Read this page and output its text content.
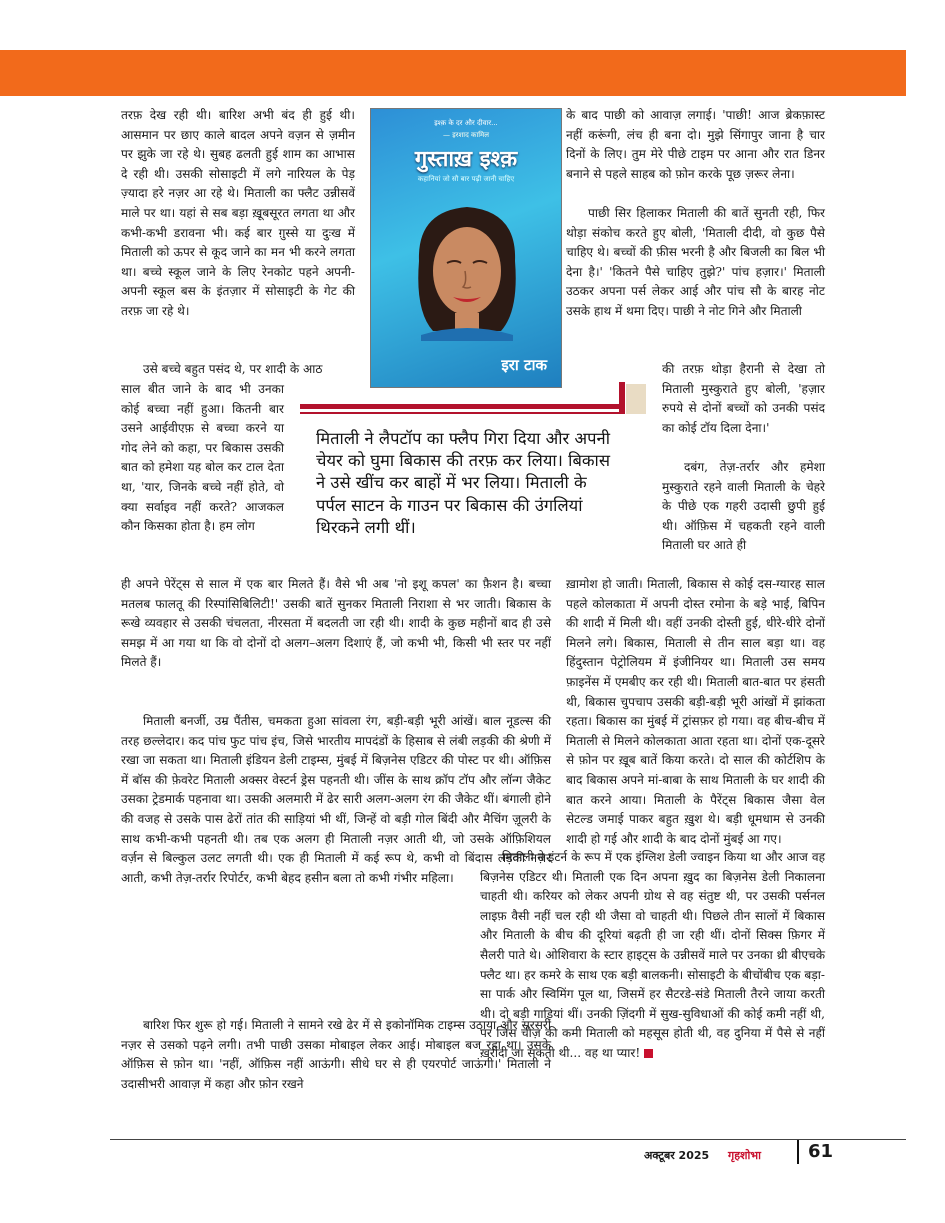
तरफ़ देख रही थी। बारिश अभी बंद ही हुई थी। आसमान पर छाए काले बादल अपने वज़न से ज़मीन पर झुके जा रहे थे। सुबह ढलती हुई शाम का आभास दे रही थी। उसकी सोसाइटी में लगे नारियल के पेड़ ज़्यादा हरे नज़र आ रहे थे। मिताली का फ्लैट उन्नीसवें माले पर था। यहां से सब बड़ा ख़ूबसूरत लगता था और कभी-कभी डरावना भी। कई बार ग़ुस्से या दुःख में मिताली को ऊपर से कूद जाने का मन भी करने लगता था। बच्चे स्कूल जाने के लिए रेनकोट पहने अपनी-अपनी स्कूल बस के इंतज़ार में सोसाइटी के गेट की तरफ़ जा रहे थे।

उसे बच्चे बहुत पसंद थे, पर शादी के आठ

साल बीत जाने के बाद भी उनका कोई बच्चा नहीं हुआ। कितनी बार उसने आईवीएफ़ से बच्चा करने या गोद लेने को कहा, पर बिकास उसकी बात को हमेशा यह बोल कर टाल देता था, 'यार, जिनके बच्चे नहीं होते, वो क्या सर्वाइव नहीं करते? आजकल कौन किसका होता है। हम लोग

इश्क़ के दर और दीवार...
— इरशाद कामिल
गुस्ताख़ इश्क़
कहानियां जो सौ बार पढ़ी जानी चाहिए
इरा टाक

के बाद पाछी को आवाज़ लगाई। 'पाछी! आज ब्रेकफ़ास्ट नहीं करूंगी, लंच ही बना दो। मुझे सिंगापुर जाना है चार दिनों के लिए। तुम मेरे पीछे टाइम पर आना और रात डिनर बनाने से पहले साहब को फ़ोन करके पूछ ज़रूर लेना।

पाछी सिर हिलाकर मिताली की बातें सुनती रही, फिर थोड़ा संकोच करते हुए बोली, 'मिताली दीदी, वो कुछ पैसे चाहिए थे। बच्चों की फ़ीस भरनी है और बिजली का बिल भी देना है।' 'कितने पैसे चाहिए तुझे?' पांच हज़ार।' मिताली उठकर अपना पर्स लेकर आई और पांच सौ के बारह नोट उसके हाथ में थमा दिए। पाछी ने नोट गिने और मिताली

की तरफ़ थोड़ा हैरानी से देखा तो मिताली मुस्कुराते हुए बोली, 'हज़ार रुपये से दोनों बच्चों को उनकी पसंद का कोई टॉय दिला देना।'

दबंग, तेज़-तर्रार और हमेशा मुस्कुराते रहने वाली मिताली के चेहरे के पीछे एक गहरी उदासी छुपी हुई थी। ऑफ़िस में चहकती रहने वाली मिताली घर आते ही

मिताली ने लैपटॉप का फ्लैप गिरा दिया और अपनी चेयर को घुमा बिकास की तरफ़ कर लिया। बिकास ने उसे खींच कर बाहों में भर लिया। मिताली के पर्पल साटन के गाउन पर बिकास की उंगलियां थिरकने लगी थीं।

ही अपने पेरेंट्स से साल में एक बार मिलते हैं। वैसे भी अब 'नो इशू कपल' का फ़ैशन है। बच्चा मतलब फालतू की रिस्पांसिबिलिटी!' उसकी बातें सुनकर मिताली निराशा से भर जाती। बिकास के रूखे व्यवहार से उसकी चंचलता, नीरसता में बदलती जा रही थी। शादी के कुछ महीनों बाद ही उसे समझ में आ गया था कि वो दोनों दो अलग–अलग दिशाएं हैं, जो कभी भी, किसी भी स्तर पर नहीं मिलते हैं।

मिताली बनर्जी, उम्र पैंतीस, चमकता हुआ सांवला रंग, बड़ी-बड़ी भूरी आंखें। बाल नूडल्स की तरह छल्लेदार। कद पांच फुट पांच इंच, जिसे भारतीय मापदंडों के हिसाब से लंबी लड़की की श्रेणी में रखा जा सकता था। मिताली इंडियन डेली टाइम्स, मुंबई में बिज़नेस एडिटर की पोस्ट पर थी। ऑफ़िस में बॉस की फ़ेवरेट मिताली अक्सर वेस्टर्न ड्रेस पहनती थी। जींस के साथ क्रॉप टॉप और लॉन्ग जैकेट उसका ट्रेडमार्क पहनावा था। उसकी अलमारी में ढेर सारी अलग-अलग रंग की जैकेट थीं। बंगाली होने की वजह से उसके पास ढेरों तांत की साड़ियां भी थीं, जिन्हें वो बड़ी गोल बिंदी और मैचिंग ज़ूलरी के साथ कभी-कभी पहनती थी। तब एक अलग ही मिताली नज़र आती थी, जो उसके ऑफ़िशियल वर्ज़न से बिल्कुल उलट लगती थी। एक ही मिताली में कई रूप थे, कभी वो बिंदास लड़की नज़र आती, कभी तेज़-तर्रार रिपोर्टर, कभी बेहद हसीन बला तो कभी गंभीर महिला।

बारिश फिर शुरू हो गई। मिताली ने सामने रखे ढेर में से इकोनॉमिक टाइम्स उठाया और सरसरी नज़र से उसको पढ़ने लगी। तभी पाछी उसका मोबाइल लेकर आई। मोबाइल बज रहा था। उसके ऑफ़िस से फ़ोन था। 'नहीं, ऑफ़िस नहीं आऊंगी। सीधे घर से ही एयरपोर्ट जाऊंगी।' मिताली ने उदासीभरी आवाज़ में कहा और फ़ोन रखने

ख़ामोश हो जाती। मिताली, बिकास से कोई दस-ग्यारह साल पहले कोलकाता में अपनी दोस्त रमोना के बड़े भाई, बिपिन की शादी में मिली थी। वहीं उनकी दोस्ती हुई, धीरे-धीरे दोनों मिलने लगे। बिकास, मिताली से तीन साल बड़ा था। वह हिंदुस्तान पेट्रोलियम में इंजीनियर था। मिताली उस समय फ़ाइनेंस में एमबीए कर रही थी। मिताली बात-बात पर हंसती थी, बिकास चुपचाप उसकी बड़ी-बड़ी भूरी आंखों में झांकता रहता। बिकास का मुंबई में ट्रांसफ़र हो गया। वह बीच-बीच में मिताली से मिलने कोलकाता आता रहता था। दोनों एक-दूसरे से फ़ोन पर ख़ूब बातें किया करते। दो साल की कोर्टशिप के बाद बिकास अपने मां-बाबा के साथ मिताली के घर शादी की बात करने आया। मिताली के पैरेंट्स बिकास जैसा वेल सेटल्ड जमाई पाकर बहुत ख़ुश थे। बड़ी धूमधाम से उनकी शादी हो गई और शादी के बाद दोनों मुंबई आ गए।

मिताली ने इंटर्न के रूप में एक इंग्लिश डेली ज्वाइन किया था और आज वह बिज़नेस एडिटर थी। मिताली एक दिन अपना ख़ुद का बिज़नेस डेली निकालना चाहती थी। करियर को लेकर अपनी ग्रोथ से वह संतुष्ट थी, पर उसकी पर्सनल लाइफ़ वैसी नहीं चल रही थी जैसा वो चाहती थी। पिछले तीन सालों में बिकास और मिताली के बीच की दूरियां बढ़ती ही जा रही थीं। दोनों सिक्स फ़िगर में सैलरी पाते थे। ओशिवारा के स्टार हाइट्स के उन्नीसवें माले पर उनका थ्री बीएचके फ्लैट था। हर कमरे के साथ एक बड़ी बालकनी। सोसाइटी के बीचोंबीच एक बड़ा-सा पार्क और स्विमिंग पूल था, जिसमें हर सैटरडे-संडे मिताली तैरने जाया करती थी। दो बड़ी गाड़ियां थीं। उनकी ज़िंदगी में सुख-सुविधाओं की कोई कमी नहीं थी, पर जिस चीज़ की कमी मिताली को महसूस होती थी, वह दुनिया में पैसे से नहीं ख़रीदी जा सकती थी... वह था प्यार!

अक्टूबर 2025 गृहशोभा	61
